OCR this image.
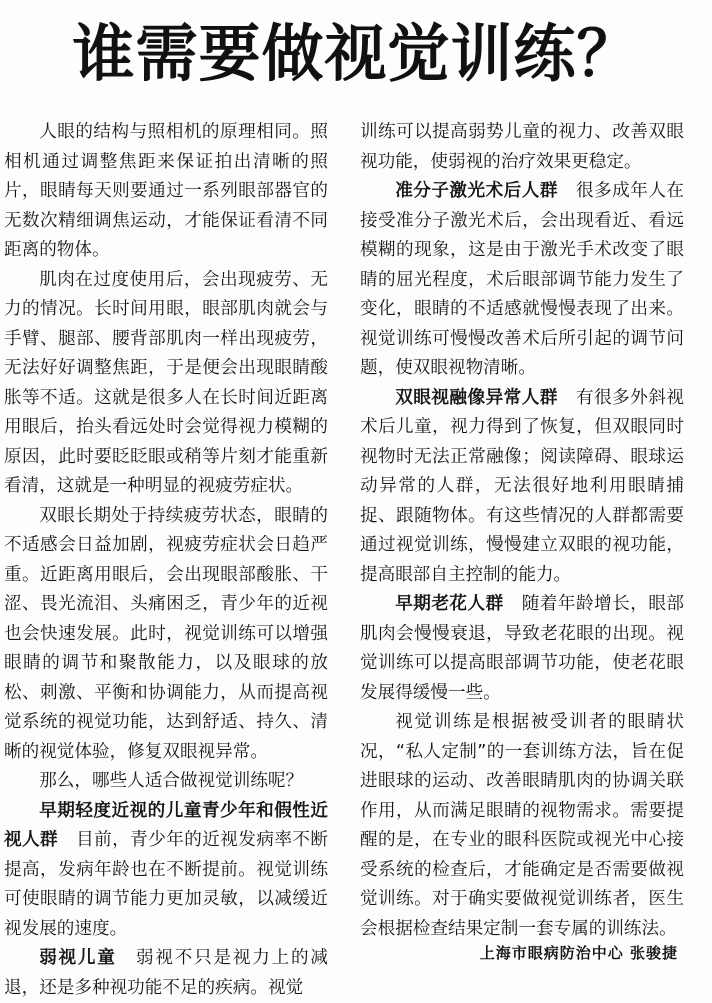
谁需要做视觉训练？

人眼的结构与照相机的原理相同。照相机通过调整焦距来保证拍出清晰的照片，眼睛每天则要通过一系列眼部器官的无数次精细调焦运动，才能保证看清不同距离的物体。

肌肉在过度使用后，会出现疲劳、无力的情况。长时间用眼，眼部肌肉就会与手臂、腿部、腰背部肌肉一样出现疲劳，无法好好调整焦距，于是便会出现眼睛酸胀等不适。这就是很多人在长时间近距离用眼后，抬头看远处时会觉得视力模糊的原因，此时要眨眨眼或稍等片刻才能重新看清，这就是一种明显的视疲劳症状。

双眼长期处于持续疲劳状态，眼睛的不适感会日益加剧，视疲劳症状会日趋严重。近距离用眼后，会出现眼部酸胀、干涩、畏光流泪、头痛困乏，青少年的近视也会快速发展。此时，视觉训练可以增强眼睛的调节和聚散能力，以及眼球的放松、刺激、平衡和协调能力，从而提高视觉系统的视觉功能，达到舒适、持久、清晰的视觉体验，修复双眼视异常。

那么，哪些人适合做视觉训练呢？

早期轻度近视的儿童青少年和假性近视人群　 目前，青少年的近视发病率不断提高，发病年龄也在不断提前。视觉训练可使眼睛的调节能力更加灵敏，以减缓近视发展的速度。

弱视儿童　 弱视不只是视力上的减退，还是多种视功能不足的疾病。视觉

训练可以提高弱势儿童的视力、改善双眼视功能，使弱视的治疗效果更稳定。

准分子激光术后人群　 很多成年人在接受准分子激光术后，会出现看近、看远模糊的现象，这是由于激光手术改变了眼睛的屈光程度，术后眼部调节能力发生了变化，眼睛的不适感就慢慢表现了出来。视觉训练可慢慢改善术后所引起的调节问题，使双眼视物清晰。

双眼视融像异常人群　 有很多外斜视术后儿童，视力得到了恢复，但双眼同时视物时无法正常融像；阅读障碍、眼球运动异常的人群，无法很好地利用眼睛捕捉、跟随物体。有这些情况的人群都需要通过视觉训练，慢慢建立双眼的视功能，提高眼部自主控制的能力。

早期老花人群　 随着年龄增长，眼部肌肉会慢慢衰退，导致老花眼的出现。视觉训练可以提高眼部调节功能，使老花眼发展得缓慢一些。

视觉训练是根据被受训者的眼睛状况，“私人定制”的一套训练方法，旨在促进眼球的运动、改善眼睛肌肉的协调关联作用，从而满足眼睛的视物需求。需要提醒的是，在专业的眼科医院或视光中心接受系统的检查后，才能确定是否需要做视觉训练。对于确实要做视觉训练者，医生会根据检查结果定制一套专属的训练法。

上海市眼病防治中心 张骏捷
